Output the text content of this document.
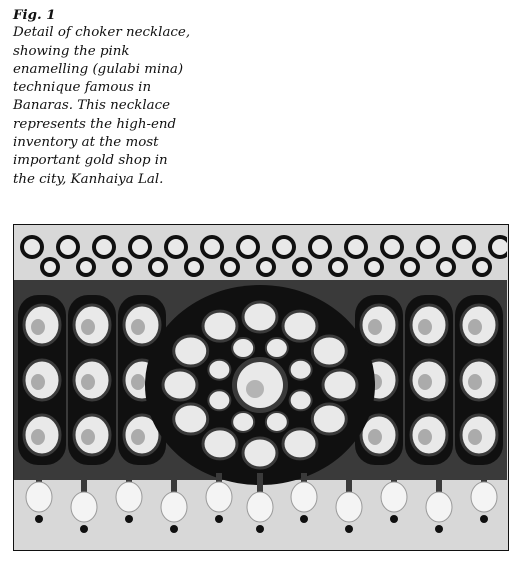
Fig. 1
Detail of choker necklace,
showing the pink
enamelling (gulabi mina)
technique famous in
Banaras. This necklace
represents the high-end
inventory at the most
important gold shop in
the city, Kanhaiya Lal.
